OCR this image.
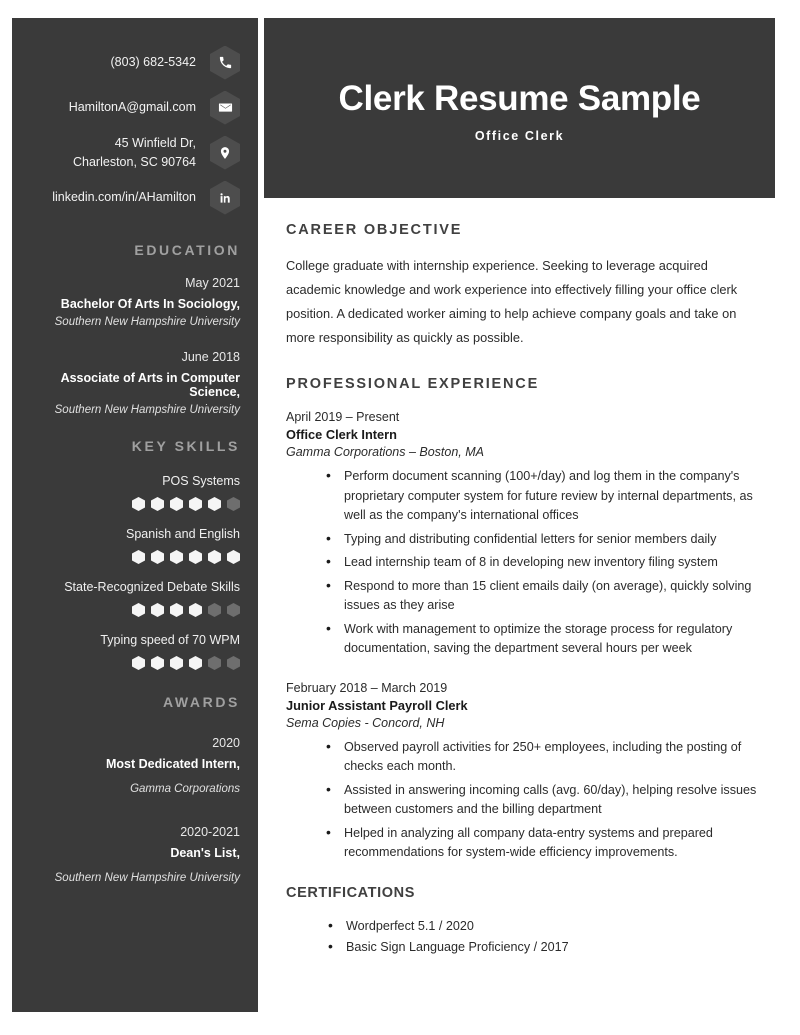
(803) 682-5342
HamiltonA@gmail.com
45 Winfield Dr,
Charleston, SC 90764
linkedin.com/in/AHamilton
EDUCATION
May 2021
Bachelor Of Arts In Sociology,
Southern New Hampshire University
June 2018
Associate of Arts in Computer Science,
Southern New Hampshire University
KEY SKILLS
POS Systems
Spanish and English
State-Recognized Debate Skills
Typing speed of 70 WPM
AWARDS
2020
Most Dedicated Intern,
Gamma Corporations
2020-2021
Dean's List,
Southern New Hampshire University
Clerk Resume Sample
Office Clerk
CAREER OBJECTIVE

College graduate with internship experience. Seeking to leverage acquired academic knowledge and work experience into effectively filling your office clerk position. A dedicated worker aiming to help achieve company goals and take on more responsibility as quickly as possible.

PROFESSIONAL EXPERIENCE
April 2019 – Present
Office Clerk Intern
Gamma Corporations – Boston, MA
• Perform document scanning (100+/day) and log them in the company's proprietary computer system for future review by internal departments, as well as the company's international offices
• Typing and distributing confidential letters for senior members daily
• Lead internship team of 8 in developing new inventory filing system
• Respond to more than 15 client emails daily (on average), quickly solving issues as they arise
• Work with management to optimize the storage process for regulatory documentation, saving the department several hours per week
February 2018 – March 2019
Junior Assistant Payroll Clerk
Sema Copies - Concord, NH
• Observed payroll activities for 250+ employees, including the posting of checks each month.
• Assisted in answering incoming calls (avg. 60/day), helping resolve issues between customers and the billing department
• Helped in analyzing all company data-entry systems and prepared recommendations for system-wide efficiency improvements.
CERTIFICATIONS
• Wordperfect 5.1 / 2020
• Basic Sign Language Proficiency / 2017
